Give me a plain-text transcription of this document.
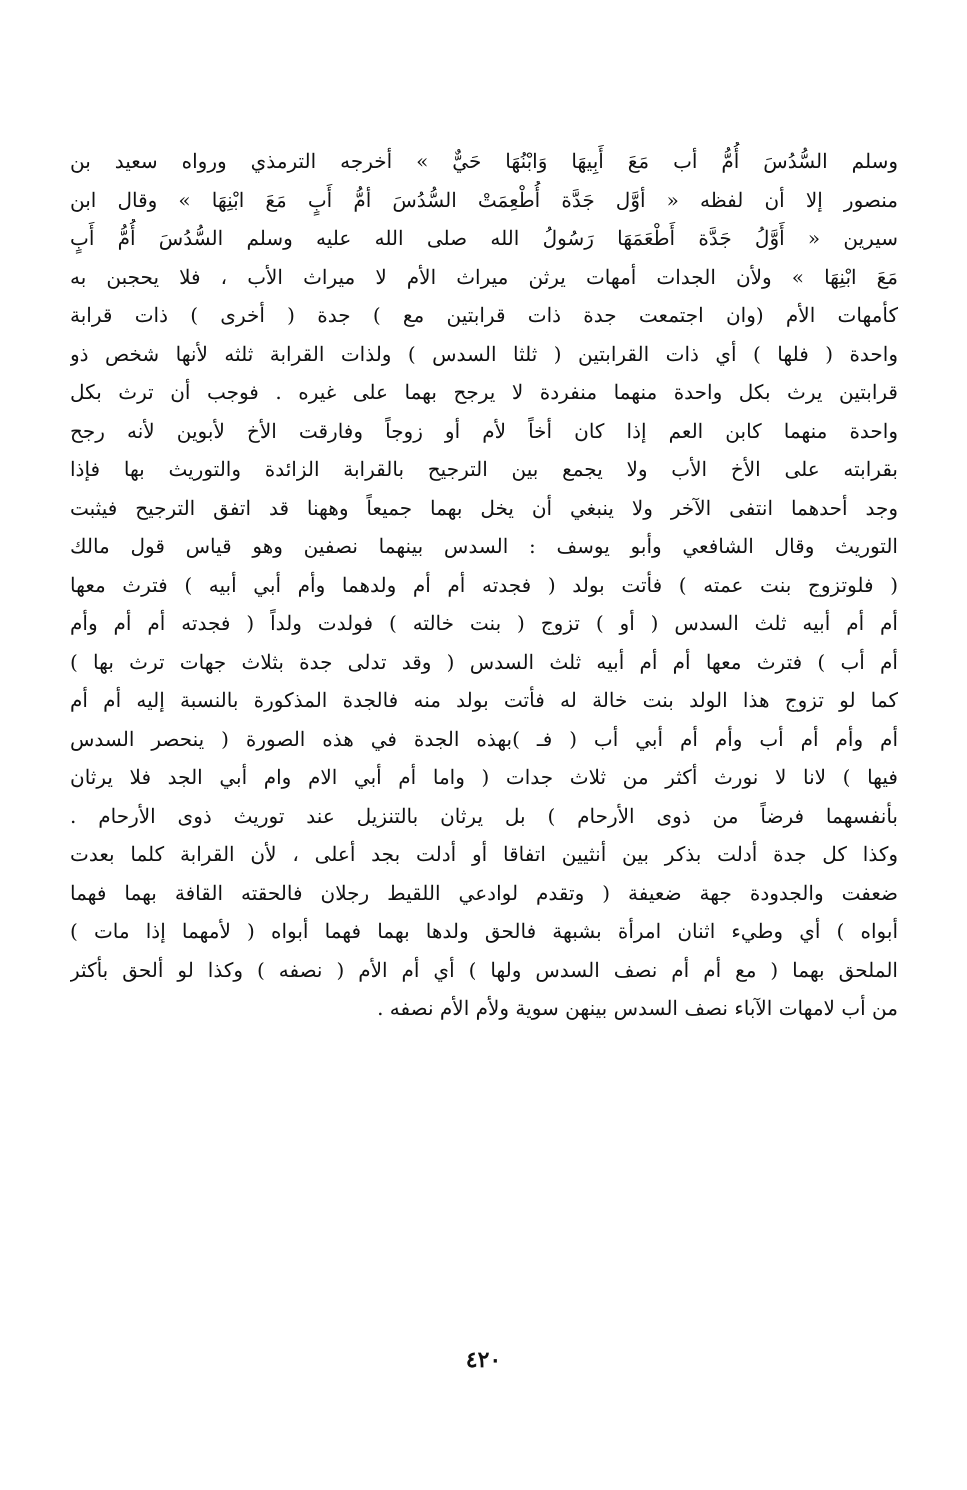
وسلم السُّدُسَ أُمُّ أب مَعَ أَبِيهَا وَابْنُهَا حَيٌّ » أخرجه الترمذي ورواه سعيد بن
منصور إلا أن لفظه « أوَّل جَدَّة أُطْعِمَتْ السُّدُسَ أمُّ أَبٍ مَعَ ابْنِهَا » وقال ابن
سيرين « أَوَّلُ جَدَّة أَطْعَمَهَا رَسُولُ الله صلى الله عليه وسلم السُّدُسَ أُمُّ أَبٍ
مَعَ ابْنِهَا » ولأن الجدات أمهات يرثن ميراث الأم لا ميراث الأب ، فلا يحجبن به
كأمهات الأم (وان اجتمعت جدة ذات قرابتين مع ) جدة ( أخرى ) ذات قرابة
واحدة ( فلها ) أي ذات القرابتين ( ثلثا السدس ) ولذات القرابة ثلثه لأنها شخص ذو
قرابتين يرث بكل واحدة منهما منفردة لا يرجح بهما على غيره . فوجب أن ترث بكل
واحدة منهما كابن العم إذا كان أخاً لأم أو زوجاً وفارقت الأخ لأبوين لأنه رجح
بقرابته على الأخ الأب ولا يجمع بين الترجيح بالقرابة الزائدة والتوريث بها فإذا
وجد أحدهما انتفى الآخر ولا ينبغي أن يخل بهما جميعاً وههنا قد اتفق الترجيح فيثبت
التوريث وقال الشافعي وأبو يوسف : السدس بينهما نصفين وهو قياس قول مالك
( فلوتزوج بنت عمته ) فأتت بولد ( فجدته أم أم ولدهما وأم أبي أبيه ) فترث معها
أم أم أبيه ثلث السدس ( أو ) تزوج ( بنت خالته ) فولدت ولداً ( فجدته أم أم وأم
أم أب ) فترث معها أم أم أبيه ثلث السدس ( وقد تدلى جدة بثلاث جهات ترث بها )
كما لو تزوج هذا الولد بنت خالة له فأتت بولد منه فالجدة المذكورة بالنسبة إليه أم أم
أم وأم أم أب وأم أم أبي أب ( فـ )بهذه الجدة في هذه الصورة ( ينحصر السدس
فيها ) لانا لا نورث أكثر من ثلاث جدات ( واما أم أبي الام وام أبي الجد فلا يرثان
بأنفسهما فرضاً من ذوى الأرحام ) بل يرثان بالتنزيل عند توريث ذوى الأرحام .
وكذا كل جدة أدلت بذكر بين أنثيين اتفاقا أو أدلت بجد أعلى ، لأن القرابة كلما بعدت
ضعفت والجدودة جهة ضعيفة ( وتقدم لوادعي اللقيط رجلان فالحقته القافة بهما فهما
أبواه ) أي وطيء اثنان امرأة بشبهة فالحق ولدها بهما فهما أبواه ( لأمهما إذا مات )
الملحق بهما ( مع أم أم نصف السدس ولها ) أي أم الأم ( نصفه ) وكذا لو ألحق بأكثر
من أب لامهات الآباء نصف السدس بينهن سوية ولأم الأم نصفه .
٤٢٠
